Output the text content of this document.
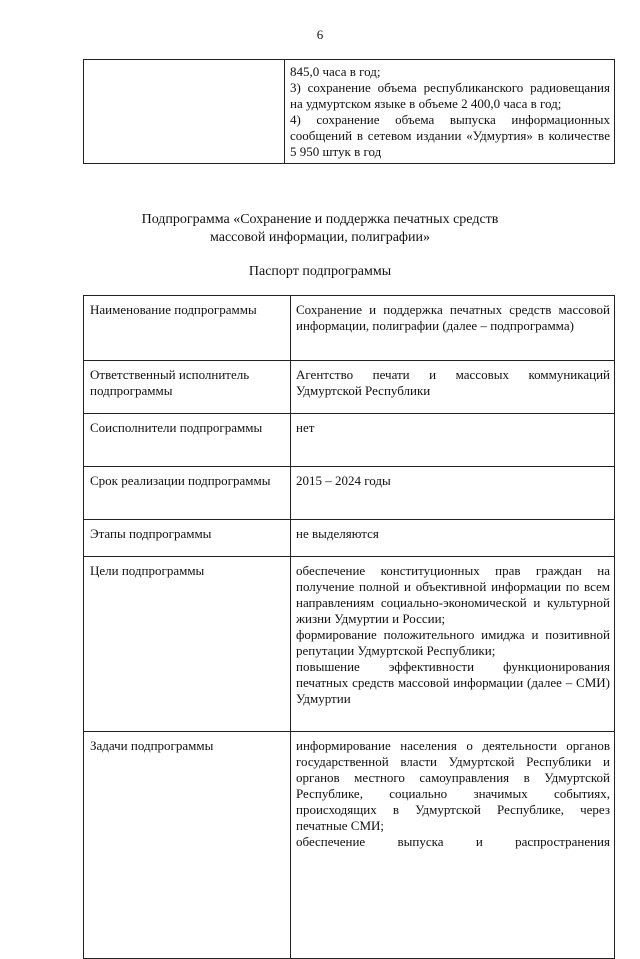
6

845,0 часа в год;
3) сохранение объема республиканского радиовещания на удмуртском языке в объеме 2 400,0 часа в год;
4) сохранение объема выпуска информационных сообщений в сетевом издании «Удмуртия» в количестве 5 950 штук в год
Подпрограмма «Сохранение и поддержка печатных средств
массовой информации, полиграфии»
Паспорт подпрограммы
Наименование подпрограммы	Сохранение и поддержка печатных средств массовой информации, полиграфии (далее – подпрограмма)
Ответственный исполнитель подпрограммы	Агентство печати и массовых коммуникаций Удмуртской Республики
Соисполнители подпрограммы	нет
Срок реализации подпрограммы	2015 – 2024 годы
Этапы подпрограммы	не выделяются
Цели подпрограммы	обеспечение конституционных прав граждан на получение полной и объективной информации по всем направлениям социально-экономической и культурной жизни Удмуртии и России;
формирование положительного имиджа и позитивной репутации Удмуртской Республики;
повышение эффективности функционирования печатных средств массовой информации (далее – СМИ) Удмуртии

Задачи подпрограммы	информирование населения о деятельности органов государственной власти Удмуртской Республики и органов местного самоуправления в Удмуртской Республике, социально значимых событиях, происходящих в Удмуртской Республике, через печатные СМИ;
обеспечение выпуска и распространения
